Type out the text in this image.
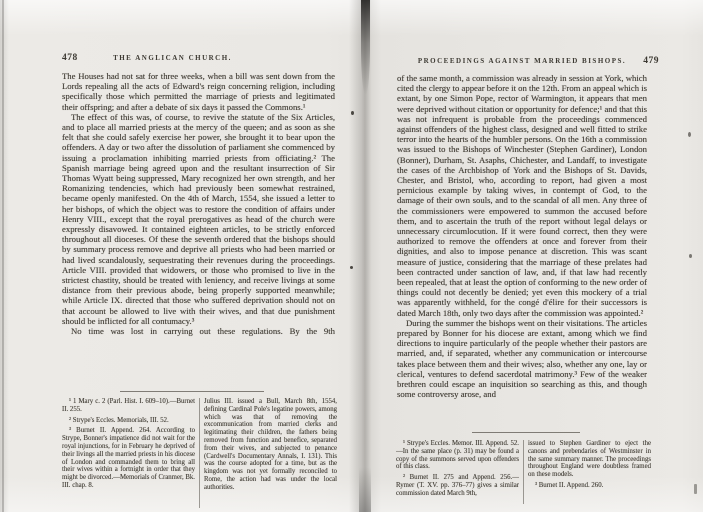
478	THE ANGLICAN CHURCH.

The Houses had not sat for three weeks, when a bill was sent down from the Lords repealing all the acts of Edward's reign concerning religion, including specifically those which permitted the marriage of priests and legitimated their offspring; and after a debate of six days it passed the Commons.¹

The effect of this was, of course, to revive the statute of the Six Articles, and to place all married priests at the mercy of the queen; and as soon as she felt that she could safely exercise her power, she brought it to bear upon the offenders. A day or two after the dissolution of parliament she commenced by issuing a proclamation inhibiting married priests from officiating.² The Spanish marriage being agreed upon and the resultant insurrection of Sir Thomas Wyatt being suppressed, Mary recognized her own strength, and her Romanizing tendencies, which had previously been somewhat restrained, became openly manifested. On the 4th of March, 1554, she issued a letter to her bishops, of which the object was to restore the condition of affairs under Henry VIII., except that the royal prerogatives as head of the church were expressly disavowed. It contained eighteen articles, to be strictly enforced throughout all dioceses. Of these the seventh ordered that the bishops should by summary process remove and deprive all priests who had been married or had lived scandalously, sequestrating their revenues during the proceedings. Article VIII. provided that widowers, or those who promised to live in the strictest chastity, should be treated with leniency, and receive livings at some distance from their previous abode, being properly supported meanwhile; while Article IX. directed that those who suffered deprivation should not on that account be allowed to live with their wives, and that due punishment should be inflicted for all contumacy.³

No time was lost in carrying out these regulations. By the 9th

¹ 1 Mary c. 2 (Parl. Hist. I. 609–10).—Burnet II. 255.

² Strype's Eccles. Memorials, III. 52.

³ Burnet II. Append. 264. According to Strype, Bonner's impatience did not wait for the royal injunctions, for in February he deprived of their livings all the married priests in his diocese of London and commanded them to bring all their wives within a fortnight in order that they might be divorced.—Memorials of Cranmer, Bk. III. chap. 8.

Julius III. issued a Bull, March 8th, 1554, defining Cardinal Pole's legatine powers, among which was that of removing the excommunication from married clerks and legitimating their children, the fathers being removed from function and benefice, separated from their wives, and subjected to penance (Cardwell's Documentary Annals, I. 131). This was the course adopted for a time, but as the kingdom was not yet formally reconciled to Rome, the action had was under the local authorities.

PROCEEDINGS AGAINST MARRIED BISHOPS.	479

of the same month, a commission was already in session at York, which cited the clergy to appear before it on the 12th. From an appeal which is extant, by one Simon Pope, rector of Warmington, it appears that men were deprived without citation or opportunity for defence;¹ and that this was not infrequent is probable from the proceedings commenced against offenders of the highest class, designed and well fitted to strike terror into the hearts of the humbler persons. On the 16th a commission was issued to the Bishops of Winchester (Stephen Gardiner), London (Bonner), Durham, St. Asaphs, Chichester, and Landaff, to investigate the cases of the Archbishop of York and the Bishops of St. Davids, Chester, and Bristol, who, according to report, had given a most pernicious example by taking wives, in contempt of God, to the damage of their own souls, and to the scandal of all men. Any three of the commissioners were empowered to summon the accused before them, and to ascertain the truth of the report without legal delays or unnecessary circumlocution. If it were found correct, then they were authorized to remove the offenders at once and forever from their dignities, and also to impose penance at discretion. This was scant measure of justice, considering that the marriage of these prelates had been contracted under sanction of law, and, if that law had recently been repealed, that at least the option of conforming to the new order of things could not decently be denied; yet even this mockery of a trial was apparently withheld, for the congé d'élire for their successors is dated March 18th, only two days after the commission was appointed.²

During the summer the bishops went on their visitations. The articles prepared by Bonner for his diocese are extant, among which we find directions to inquire particularly of the people whether their pastors are married, and, if separated, whether any communication or intercourse takes place between them and their wives; also, whether any one, lay or clerical, ventures to defend sacerdotal matrimony.³ Few of the weaker brethren could escape an inquisition so searching as this, and though some controversy arose, and

¹ Strype's Eccles. Memor. III. Append. 52.—In the same place (p. 31) may be found a copy of the summons served upon offenders of this class.

² Burnet II. 275 and Append. 256.—Rymer (T. XV. pp. 376–77) gives a similar commission dated March 9th,

issued to Stephen Gardiner to eject the canons and prebendaries of Westminster in the same summary manner. The proceedings throughout England were doubtless framed on these models.

³ Burnet II. Append. 260.
